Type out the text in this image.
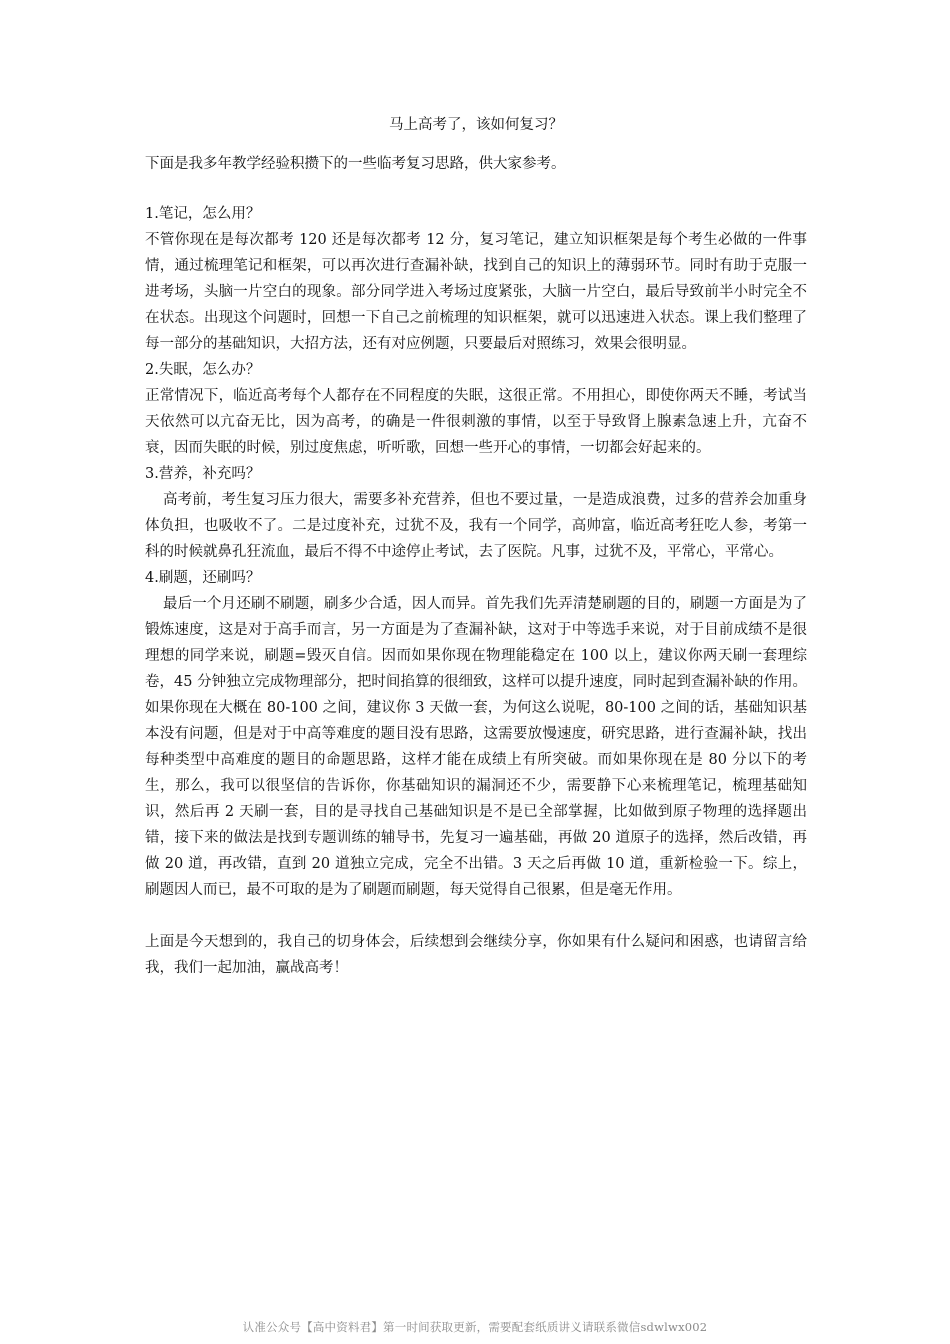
马上高考了，该如何复习？

下面是我多年教学经验积攒下的一些临考复习思路，供大家参考。

1.笔记，怎么用？

不管你现在是每次都考 120 还是每次都考 12 分，复习笔记，建立知识框架是每个考生必做的一件事情，通过梳理笔记和框架，可以再次进行查漏补缺，找到自己的知识上的薄弱环节。同时有助于克服一进考场，头脑一片空白的现象。部分同学进入考场过度紧张，大脑一片空白，最后导致前半小时完全不在状态。出现这个问题时，回想一下自己之前梳理的知识框架，就可以迅速进入状态。课上我们整理了每一部分的基础知识，大招方法，还有对应例题，只要最后对照练习，效果会很明显。

2.失眠，怎么办？

正常情况下，临近高考每个人都存在不同程度的失眠，这很正常。不用担心，即使你两天不睡，考试当天依然可以亢奋无比，因为高考，的确是一件很刺激的事情，以至于导致肾上腺素急速上升，亢奋不衰，因而失眠的时候，别过度焦虑，听听歌，回想一些开心的事情，一切都会好起来的。

3.营养，补充吗？

高考前，考生复习压力很大，需要多补充营养，但也不要过量，一是造成浪费，过多的营养会加重身体负担，也吸收不了。二是过度补充，过犹不及，我有一个同学，高帅富，临近高考狂吃人参，考第一科的时候就鼻孔狂流血，最后不得不中途停止考试，去了医院。凡事，过犹不及，平常心，平常心。

4.刷题，还刷吗？

最后一个月还刷不刷题，刷多少合适，因人而异。首先我们先弄清楚刷题的目的，刷题一方面是为了锻炼速度，这是对于高手而言，另一方面是为了查漏补缺，这对于中等选手来说，对于目前成绩不是很理想的同学来说，刷题=毁灭自信。因而如果你现在物理能稳定在 100 以上，建议你两天刷一套理综卷，45 分钟独立完成物理部分，把时间掐算的很细致，这样可以提升速度，同时起到查漏补缺的作用。如果你现在大概在 80-100 之间，建议你 3 天做一套，为何这么说呢，80-100 之间的话，基础知识基本没有问题，但是对于中高等难度的题目没有思路，这需要放慢速度，研究思路，进行查漏补缺，找出每种类型中高难度的题目的命题思路，这样才能在成绩上有所突破。而如果你现在是 80 分以下的考生，那么，我可以很坚信的告诉你，你基础知识的漏洞还不少，需要静下心来梳理笔记，梳理基础知识，然后再 2 天刷一套，目的是寻找自己基础知识是不是已全部掌握，比如做到原子物理的选择题出错，接下来的做法是找到专题训练的辅导书，先复习一遍基础，再做 20 道原子的选择，然后改错，再做 20 道，再改错，直到 20 道独立完成，完全不出错。3 天之后再做 10 道，重新检验一下。综上，刷题因人而已，最不可取的是为了刷题而刷题，每天觉得自己很累，但是毫无作用。

上面是今天想到的，我自己的切身体会，后续想到会继续分享，你如果有什么疑问和困惑，也请留言给我，我们一起加油，赢战高考！

认准公众号【高中资料君】第一时间获取更新，需要配套纸质讲义请联系微信sdwlwx002
